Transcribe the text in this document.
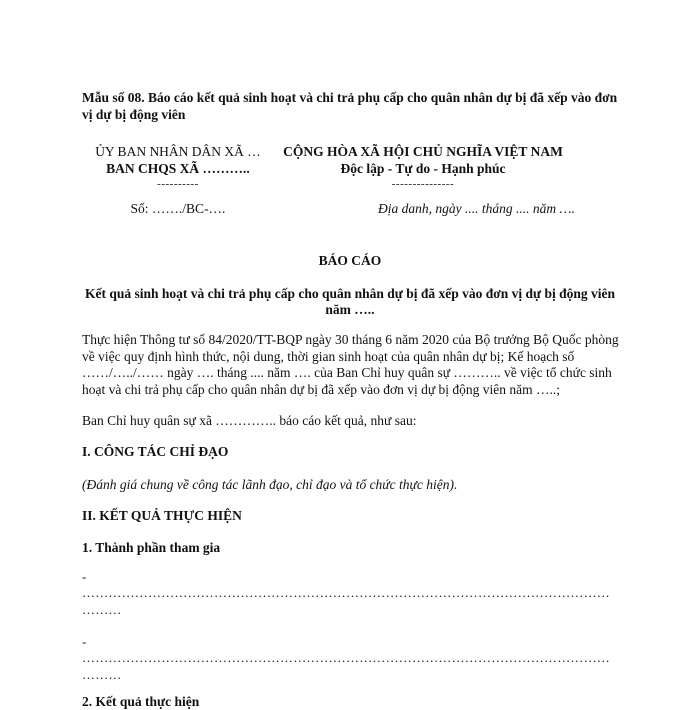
Mẫu số 08. Báo cáo kết quả sinh hoạt và chi trả phụ cấp cho quân nhân dự bị đã xếp vào đơn vị dự bị động viên
ỦY BAN NHÂN DÂN XÃ …
BAN CHQS XÃ ………..
----------
Số: ……./BC-….
CỘNG HÒA XÃ HỘI CHỦ NGHĨA VIỆT NAM
Độc lập - Tự do - Hạnh phúc
---------------
Địa danh, ngày .... tháng .... năm ….
BÁO CÁO
Kết quả sinh hoạt và chi trả phụ cấp cho quân nhân dự bị đã xếp vào đơn vị dự bị động viên năm …..
Thực hiện Thông tư số 84/2020/TT-BQP ngày 30 tháng 6 năm 2020 của Bộ trưởng Bộ Quốc phòng về việc quy định hình thức, nội dung, thời gian sinh hoạt của quân nhân dự bị; Kế hoạch số ……/…../…… ngày …. tháng .... năm …. của Ban Chỉ huy quân sự ……….. về việc tổ chức sinh hoạt và chi trả phụ cấp cho quân nhân dự bị đã xếp vào đơn vị dự bị động viên năm …..;
Ban Chỉ huy quân sự xã ………….. báo cáo kết quả, như sau:
I. CÔNG TÁC CHỈ ĐẠO
(Đánh giá chung về công tác lãnh đạo, chỉ đạo và tổ chức thực hiện).
II. KẾT QUẢ THỰC HIỆN
1. Thành phần tham gia
-
…………………………………………………………………………………………………………
………
-
…………………………………………………………………………………………………………
………
2. Kết quả thực hiện
